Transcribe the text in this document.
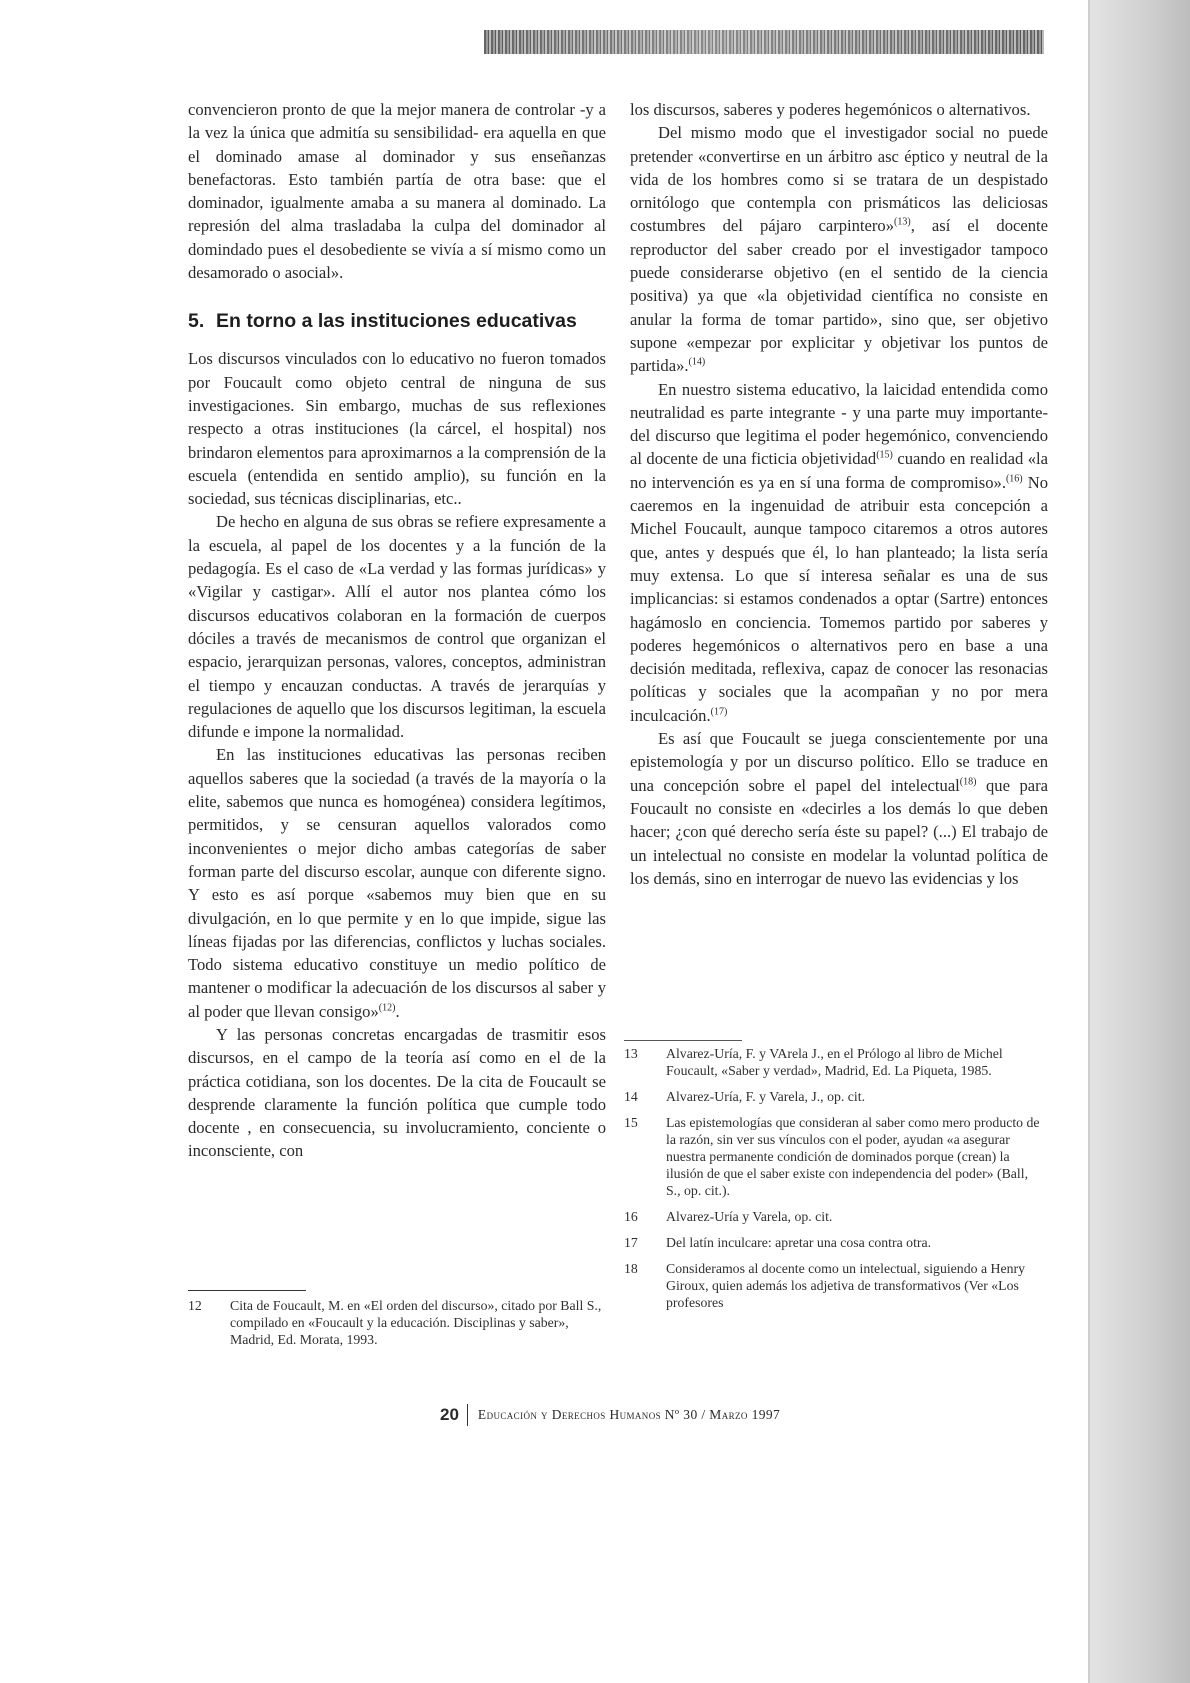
convencieron pronto de que la mejor manera de controlar -y a la vez la única que admitía su sensibilidad- era aquella en que el dominado amase al dominador y sus enseñanzas benefactoras. Esto también partía de otra base: que el dominador, igualmente amaba a su manera al dominado. La represión del alma trasladaba la culpa del dominador al domindado pues el desobediente se vivía a sí mismo como un desamorado o asocial».

5. En torno a las instituciones educativas

Los discursos vinculados con lo educativo no fueron tomados por Foucault como objeto central de ninguna de sus investigaciones. Sin embargo, muchas de sus reflexiones respecto a otras instituciones (la cárcel, el hospital) nos brindaron elementos para aproximarnos a la comprensión de la escuela (entendida en sentido amplio), su función en la sociedad, sus técnicas disciplinarias, etc..

De hecho en alguna de sus obras se refiere expresamente a la escuela, al papel de los docentes y a la función de la pedagogía. Es el caso de «La verdad y las formas jurídicas» y «Vigilar y castigar». Allí el autor nos plantea cómo los discursos educativos colaboran en la formación de cuerpos dóciles a través de mecanismos de control que organizan el espacio, jerarquizan personas, valores, conceptos, administran el tiempo y encauzan conductas. A través de jerarquías y regulaciones de aquello que los discursos legitiman, la escuela difunde e impone la normalidad.

En las instituciones educativas las personas reciben aquellos saberes que la sociedad (a través de la mayoría o la elite, sabemos que nunca es homogénea) considera legítimos, permitidos, y se censuran aquellos valorados como inconvenientes o mejor dicho ambas categorías de saber forman parte del discurso escolar, aunque con diferente signo. Y esto es así porque «sabemos muy bien que en su divulgación, en lo que permite y en lo que impide, sigue las líneas fijadas por las diferencias, conflictos y luchas sociales. Todo sistema educativo constituye un medio político de mantener o modificar la adecuación de los discursos al saber y al poder que llevan consigo»$^{(12)}$.

Y las personas concretas encargadas de trasmitir esos discursos, en el campo de la teoría así como en el de la práctica cotidiana, son los docentes. De la cita de Foucault se desprende claramente la función política que cumple todo docente , en consecuencia, su involucramiento, conciente o inconsciente, con

los discursos, saberes y poderes hegemónicos o alternativos.

Del mismo modo que el investigador social no puede pretender «convertirse en un árbitro asc éptico y neutral de la vida de los hombres como si se tratara de un despistado ornitólogo que contempla con prismáticos las deliciosas costumbres del pájaro carpintero»$^{(13)}$, así el docente reproductor del saber creado por el investigador tampoco puede considerarse objetivo (en el sentido de la ciencia positiva) ya que «la objetividad científica no consiste en anular la forma de tomar partido», sino que, ser objetivo supone «empezar por explicitar y objetivar los puntos de partida».$^{(14)}$

En nuestro sistema educativo, la laicidad entendida como neutralidad es parte integrante - y una parte muy importante- del discurso que legitima el poder hegemónico, convenciendo al docente de una ficticia objetividad$^{(15)}$ cuando en realidad «la no intervención es ya en sí una forma de compromiso».$^{(16)}$ No caeremos en la ingenuidad de atribuir esta concepción a Michel Foucault, aunque tampoco citaremos a otros autores que, antes y después que él, lo han planteado; la lista sería muy extensa. Lo que sí interesa señalar es una de sus implicancias: si estamos condenados a optar (Sartre) entonces hagámoslo en conciencia. Tomemos partido por saberes y poderes hegemónicos o alternativos pero en base a una decisión meditada, reflexiva, capaz de conocer las resonacias políticas y sociales que la acompañan y no por mera inculcación.$^{(17)}$

Es así que Foucault se juega conscientemente por una epistemología y por un discurso político. Ello se traduce en una concepción sobre el papel del intelectual$^{(18)}$ que para Foucault no consiste en «decirles a los demás lo que deben hacer; ¿con qué derecho sería éste su papel? (...) El trabajo de un intelectual no consiste en modelar la voluntad política de los demás, sino en interrogar de nuevo las evidencias y los

12	Cita de Foucault, M. en «El orden del discurso», citado por Ball S., compilado en «Foucault y la educación. Disciplinas y saber», Madrid, Ed. Morata, 1993.
13	Alvarez-Uría, F. y VArela J., en el Prólogo al libro de Michel Foucault, «Saber y verdad», Madrid, Ed. La Piqueta, 1985.
14	Alvarez-Uría, F. y Varela, J., op. cit.
15	Las epistemologías que consideran al saber como mero producto de la razón, sin ver sus vínculos con el poder, ayudan «a asegurar nuestra permanente condición de dominados porque (crean) la ilusión de que el saber existe con independencia del poder» (Ball, S., op. cit.).
16	Alvarez-Uría y Varela, op. cit.
17	Del latín inculcare: apretar una cosa contra otra.
18	Consideramos al docente como un intelectual, siguiendo a Henry Giroux, quien además los adjetiva de transformativos (Ver «Los profesores
20 Educación y Derechos Humanos Nº 30 / Marzo 1997
